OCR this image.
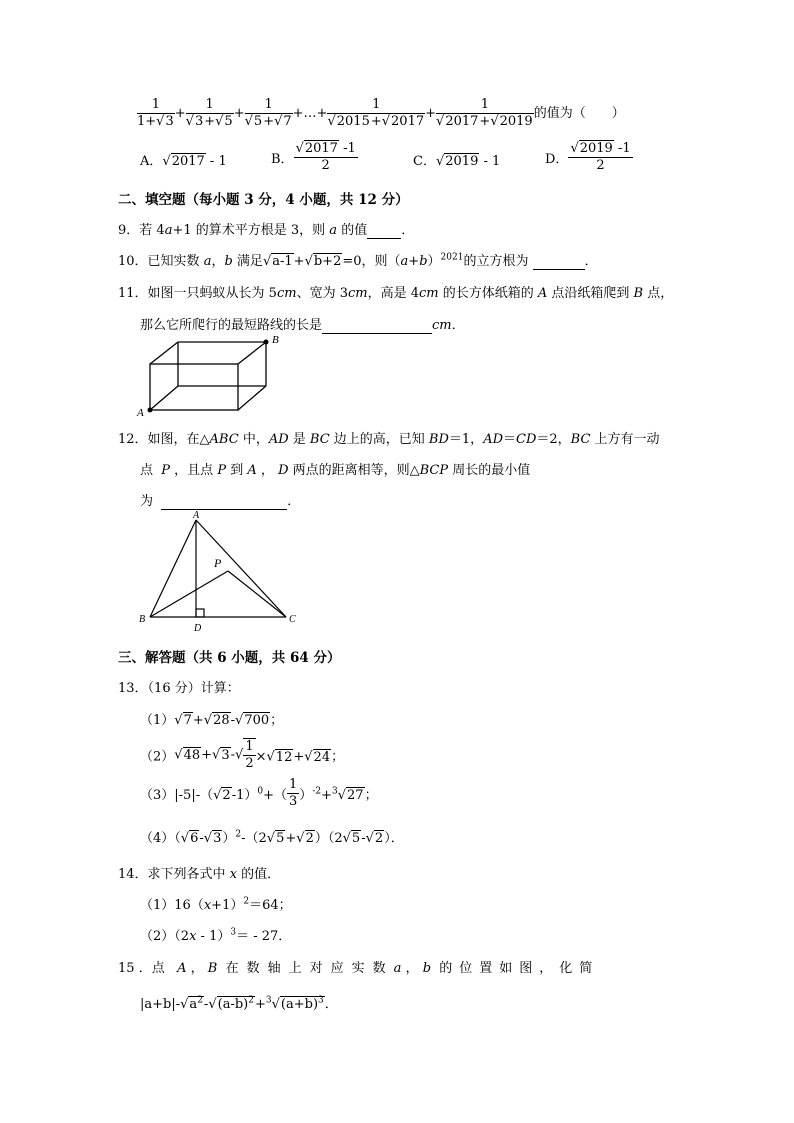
$\frac{1}{1+√3} + \frac{1}{√3+√5} + \frac{1}{√5+√7}$ +…+ $\frac{1}{√2015+√2017} + \frac{1}{√2017+√2019}$ 的值为（　　）
A．√2017 - 1	B． $\frac{√2017 -1}{2}$	C．√2019 - 1	D． $\frac{√2019 -1}{2}$
二、填空题（每小题 3 分，4 小题，共 12 分）
9．若 4a+1 的算术平方根是 3，则 a 的值	．
10．已知实数 a，b 满足√a-1+√b+2=0，则$(a+b)^{2021}$的立方根为	．
11．如图一只蚂蚁从长为 5cm、宽为 3cm，高是 4cm 的长方体纸箱的 A 点沿纸箱爬到 B 点，
那么它所爬行的最短路线的长是	cm．
A
B
12．如图，在△ABC 中，AD 是 BC 边上的高，已知 BD＝1，AD＝CD＝2，BC 上方有一动
点 P ，且点 P 到 A ， D 两点的距离相等，则△BCP 周长的最小值
为	．
A
P
B	C
D
三、解答题（共 6 小题，共 64 分）
13．（16 分）计算：
（1）√7+√28-√700；
$(2)√48+√3-√ \frac{1}{2} \times√12+√24$；
$(3)|-5|-(√2-1)^0+( \frac{1}{3} )^{-2}+^3√27$；
$(4)(√6-√3)^2-(2√5+√2)(2√5-√2)$．
14．求下列各式中 x 的值．
$(1)16(x+1)^2=64$；
（2）（2x - 1）$^3$＝ - 27．
15 ．点 A ， B 在数轴上对应实数a ， b 的位置如图，化简
$|a+b|-√a^2-√(a-b)^2+^3√(a+b)^3$．
